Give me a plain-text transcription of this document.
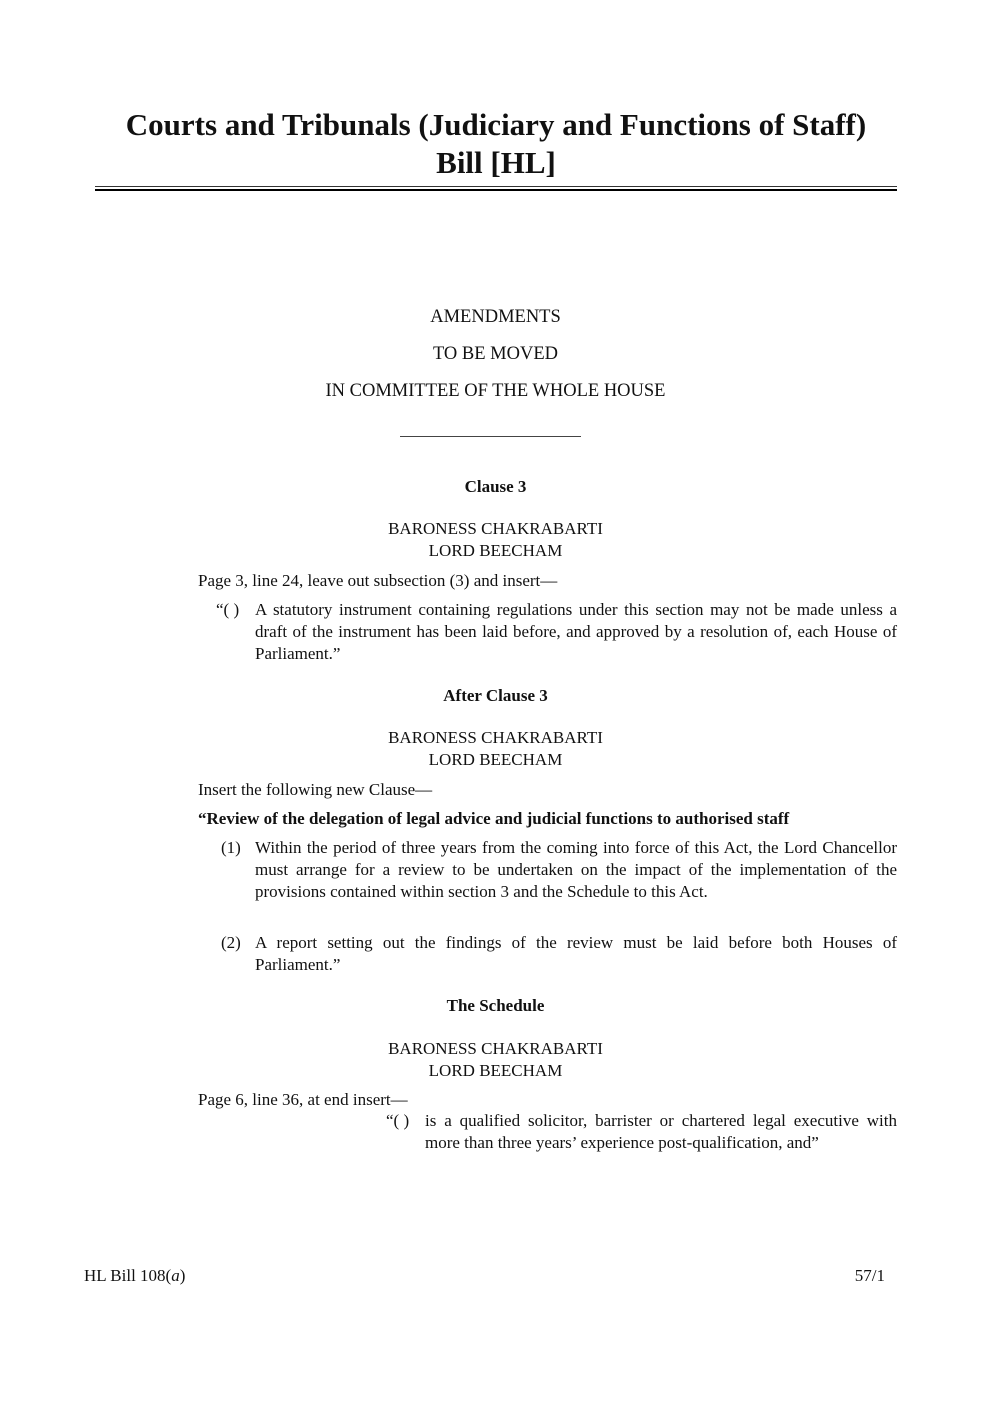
Courts and Tribunals (Judiciary and Functions of Staff)
Bill [HL]
AMENDMENTS
TO BE MOVED
IN COMMITTEE OF THE WHOLE HOUSE
Clause 3
BARONESS CHAKRABARTI
LORD BEECHAM
Page 3, line 24, leave out subsection (3) and insert—
“( ) A statutory instrument containing regulations under this section may not be made unless a draft of the instrument has been laid before, and approved by a resolution of, each House of Parliament.”
After Clause 3
BARONESS CHAKRABARTI
LORD BEECHAM
Insert the following new Clause—
“Review of the delegation of legal advice and judicial functions to authorised staff
(1) Within the period of three years from the coming into force of this Act, the Lord Chancellor must arrange for a review to be undertaken on the impact of the implementation of the provisions contained within section 3 and the Schedule to this Act.
(2) A report setting out the findings of the review must be laid before both Houses of Parliament.”
The Schedule
BARONESS CHAKRABARTI
LORD BEECHAM
Page 6, line 36, at end insert—
“( ) is a qualified solicitor, barrister or chartered legal executive with more than three years’ experience post-qualification, and”
HL Bill 108(a)	57/1
